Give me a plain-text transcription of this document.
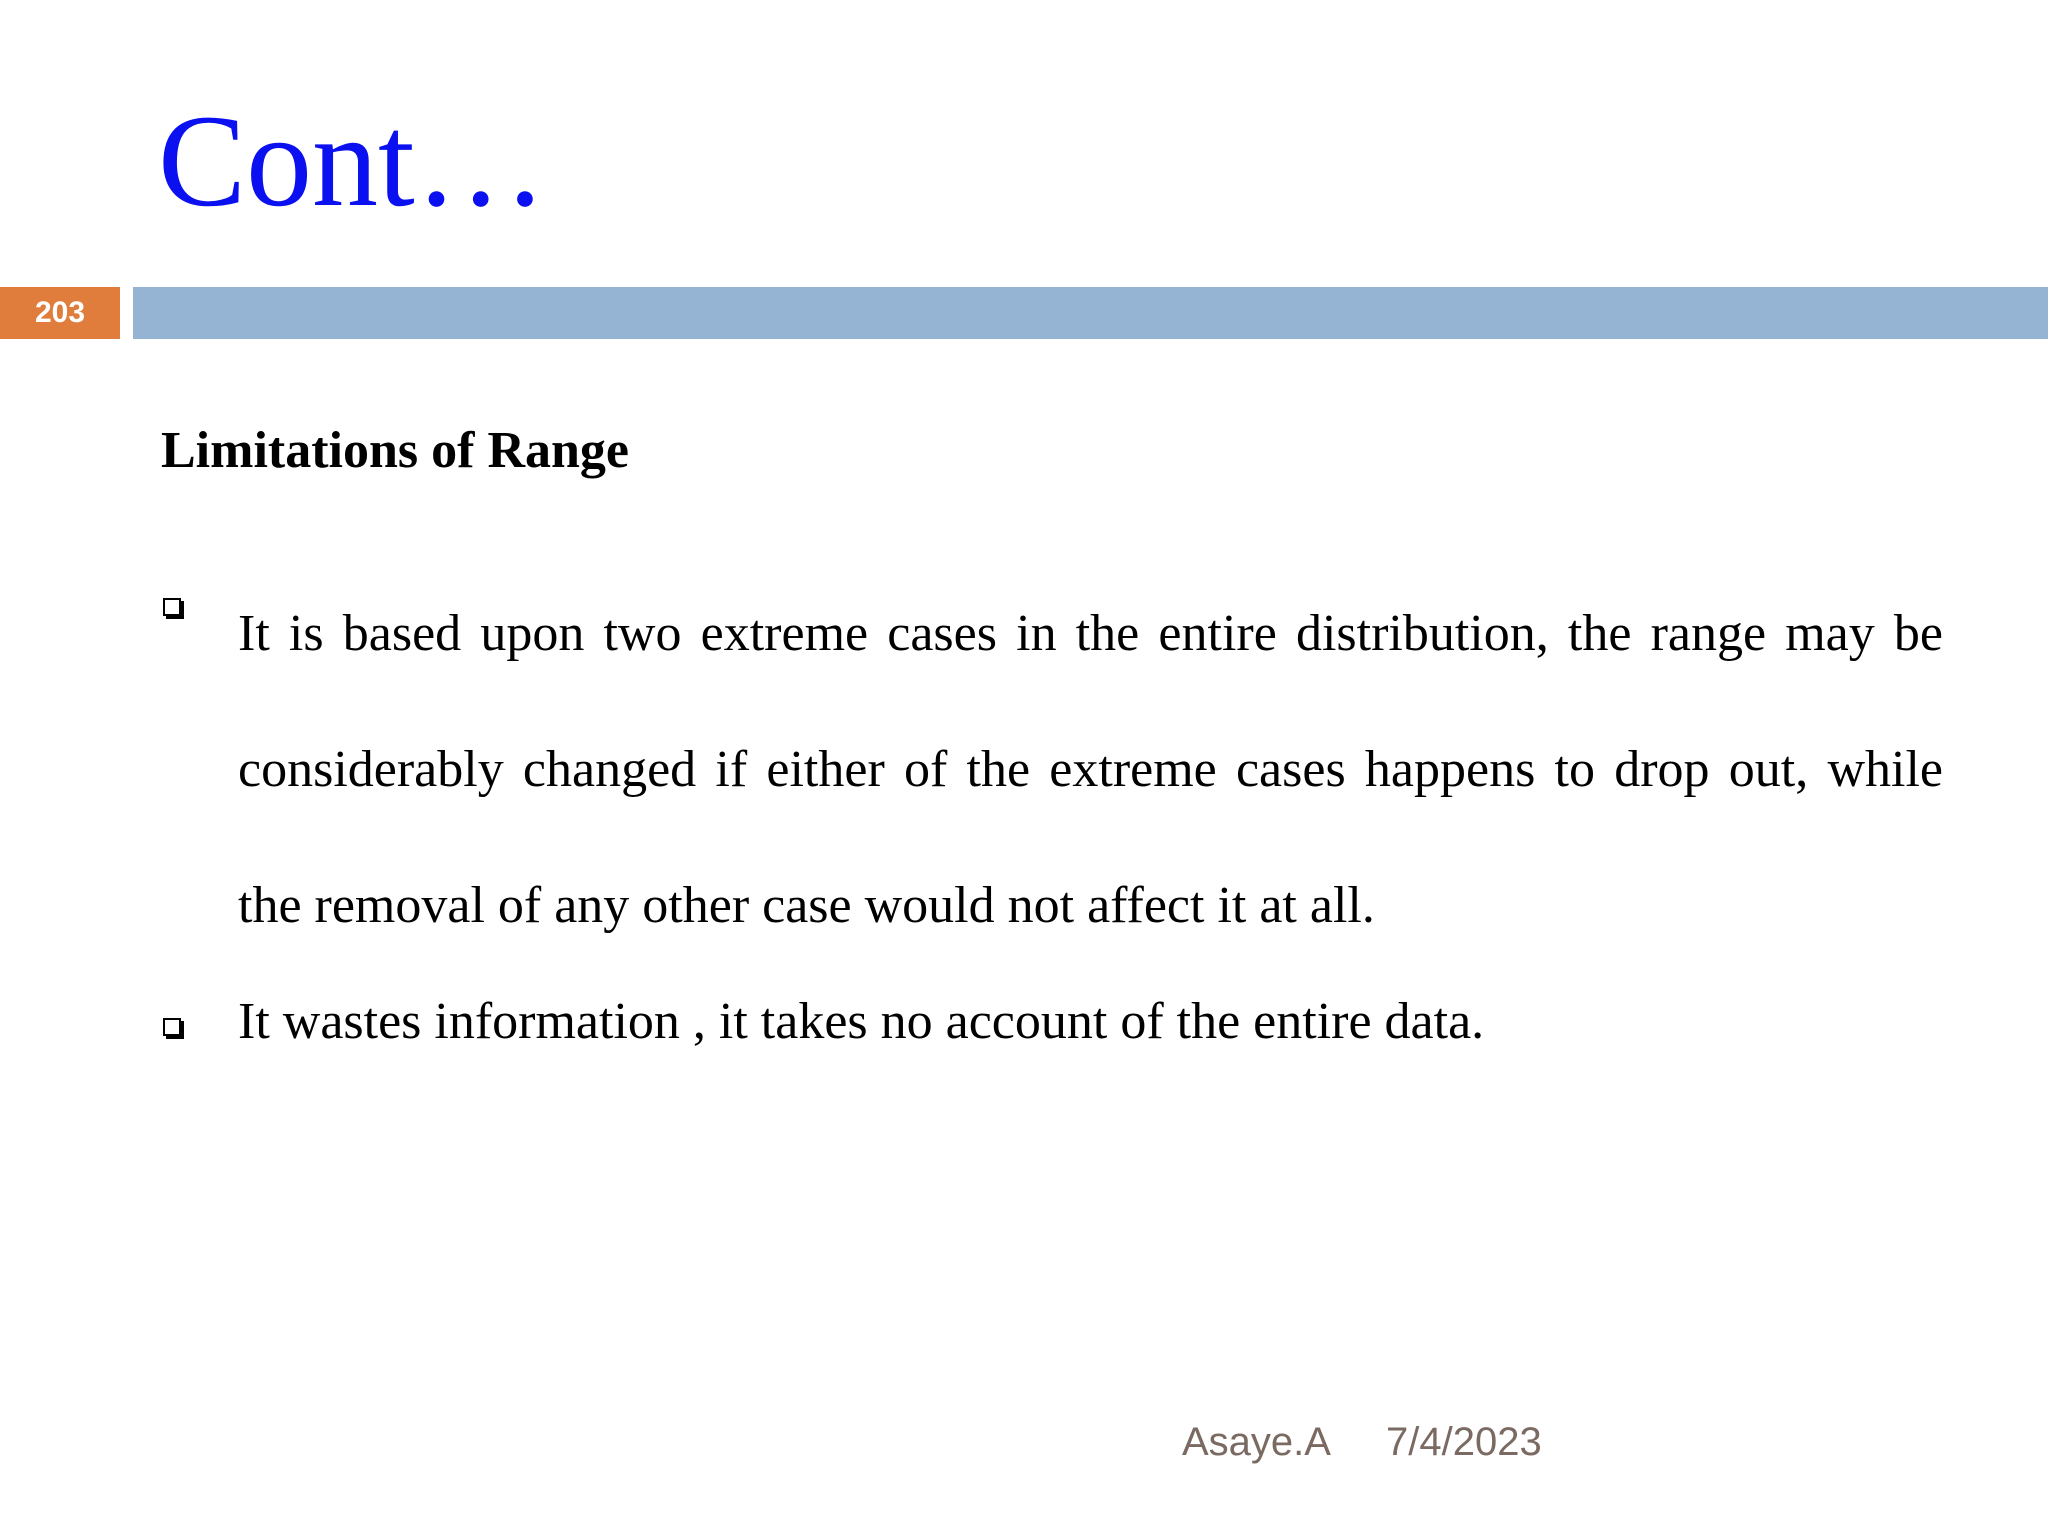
Cont…
203
Limitations of Range
It is based upon two extreme cases in the entire distribution, the range may be considerably changed if either of the extreme cases happens to drop out, while the removal of any other case would not affect it at all.
It wastes information , it takes no account of the entire data.
Asaye.A 7/4/2023
